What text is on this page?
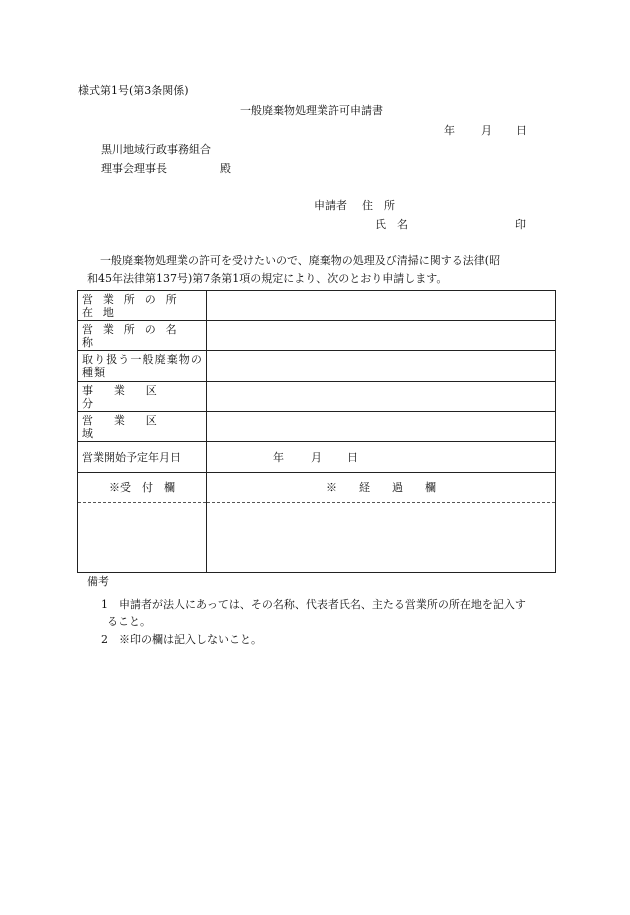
様式第1号(第3条関係)
一般廃棄物処理業許可申請書
年 月 日
黒川地域行政事務組合
理事会理事長	殿
申請者 住　所
氏　名	印
一般廃棄物処理業の許可を受けたいので、廃棄物の処理及び清掃に関する法律(昭
和45年法律第137号)第7条第1項の規定により、次のとおり申請します。
営業所の所在地	
営業所の名称	
取り扱う一般廃棄物の種類	
事業区分	
営業区域	
営業開始予定年月日	年 月 日
※受　付　欄	※　　経　　過　　欄

備考
1 申請者が法人にあっては、その名称、代表者氏名、主たる営業所の所在地を記入す
ること。
2 ※印の欄は記入しないこと。
